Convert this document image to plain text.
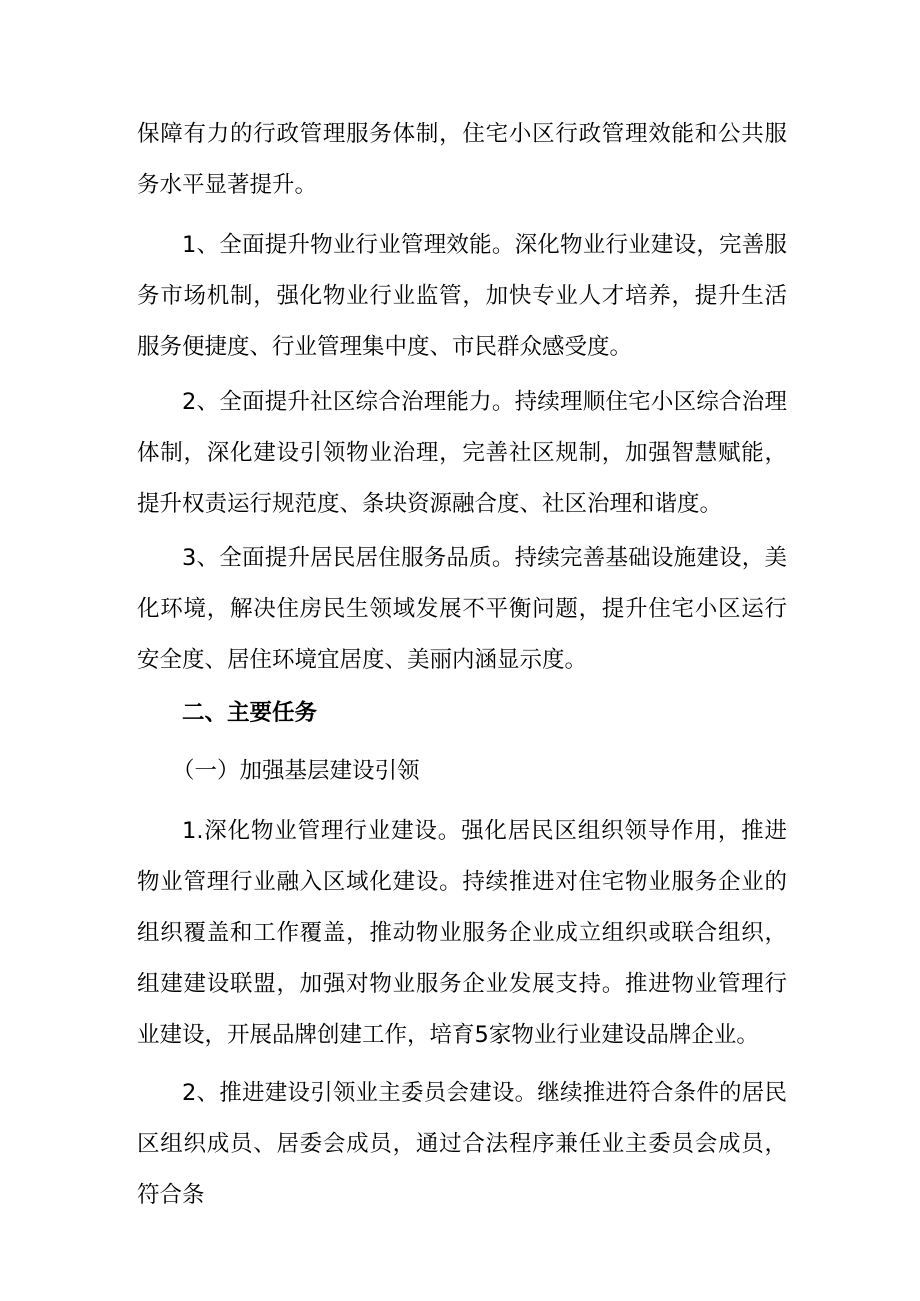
保障有力的行政管理服务体制，住宅小区行政管理效能和公共服务水平显著提升。

1、全面提升物业行业管理效能。深化物业行业建设，完善服务市场机制，强化物业行业监管，加快专业人才培养，提升生活服务便捷度、行业管理集中度、市民群众感受度。

2、全面提升社区综合治理能力。持续理顺住宅小区综合治理体制，深化建设引领物业治理，完善社区规制，加强智慧赋能，提升权责运行规范度、条块资源融合度、社区治理和谐度。

3、全面提升居民居住服务品质。持续完善基础设施建设，美化环境，解决住房民生领域发展不平衡问题，提升住宅小区运行安全度、居住环境宜居度、美丽内涵显示度。

二、主要任务

（一）加强基层建设引领

1.深化物业管理行业建设。强化居民区组织领导作用，推进物业管理行业融入区域化建设。持续推进对住宅物业服务企业的组织覆盖和工作覆盖，推动物业服务企业成立组织或联合组织，组建建设联盟，加强对物业服务企业发展支持。推进物业管理行业建设，开展品牌创建工作，培育5家物业行业建设品牌企业。

2、推进建设引领业主委员会建设。继续推进符合条件的居民区组织成员、居委会成员，通过合法程序兼任业主委员会成员，符合条
